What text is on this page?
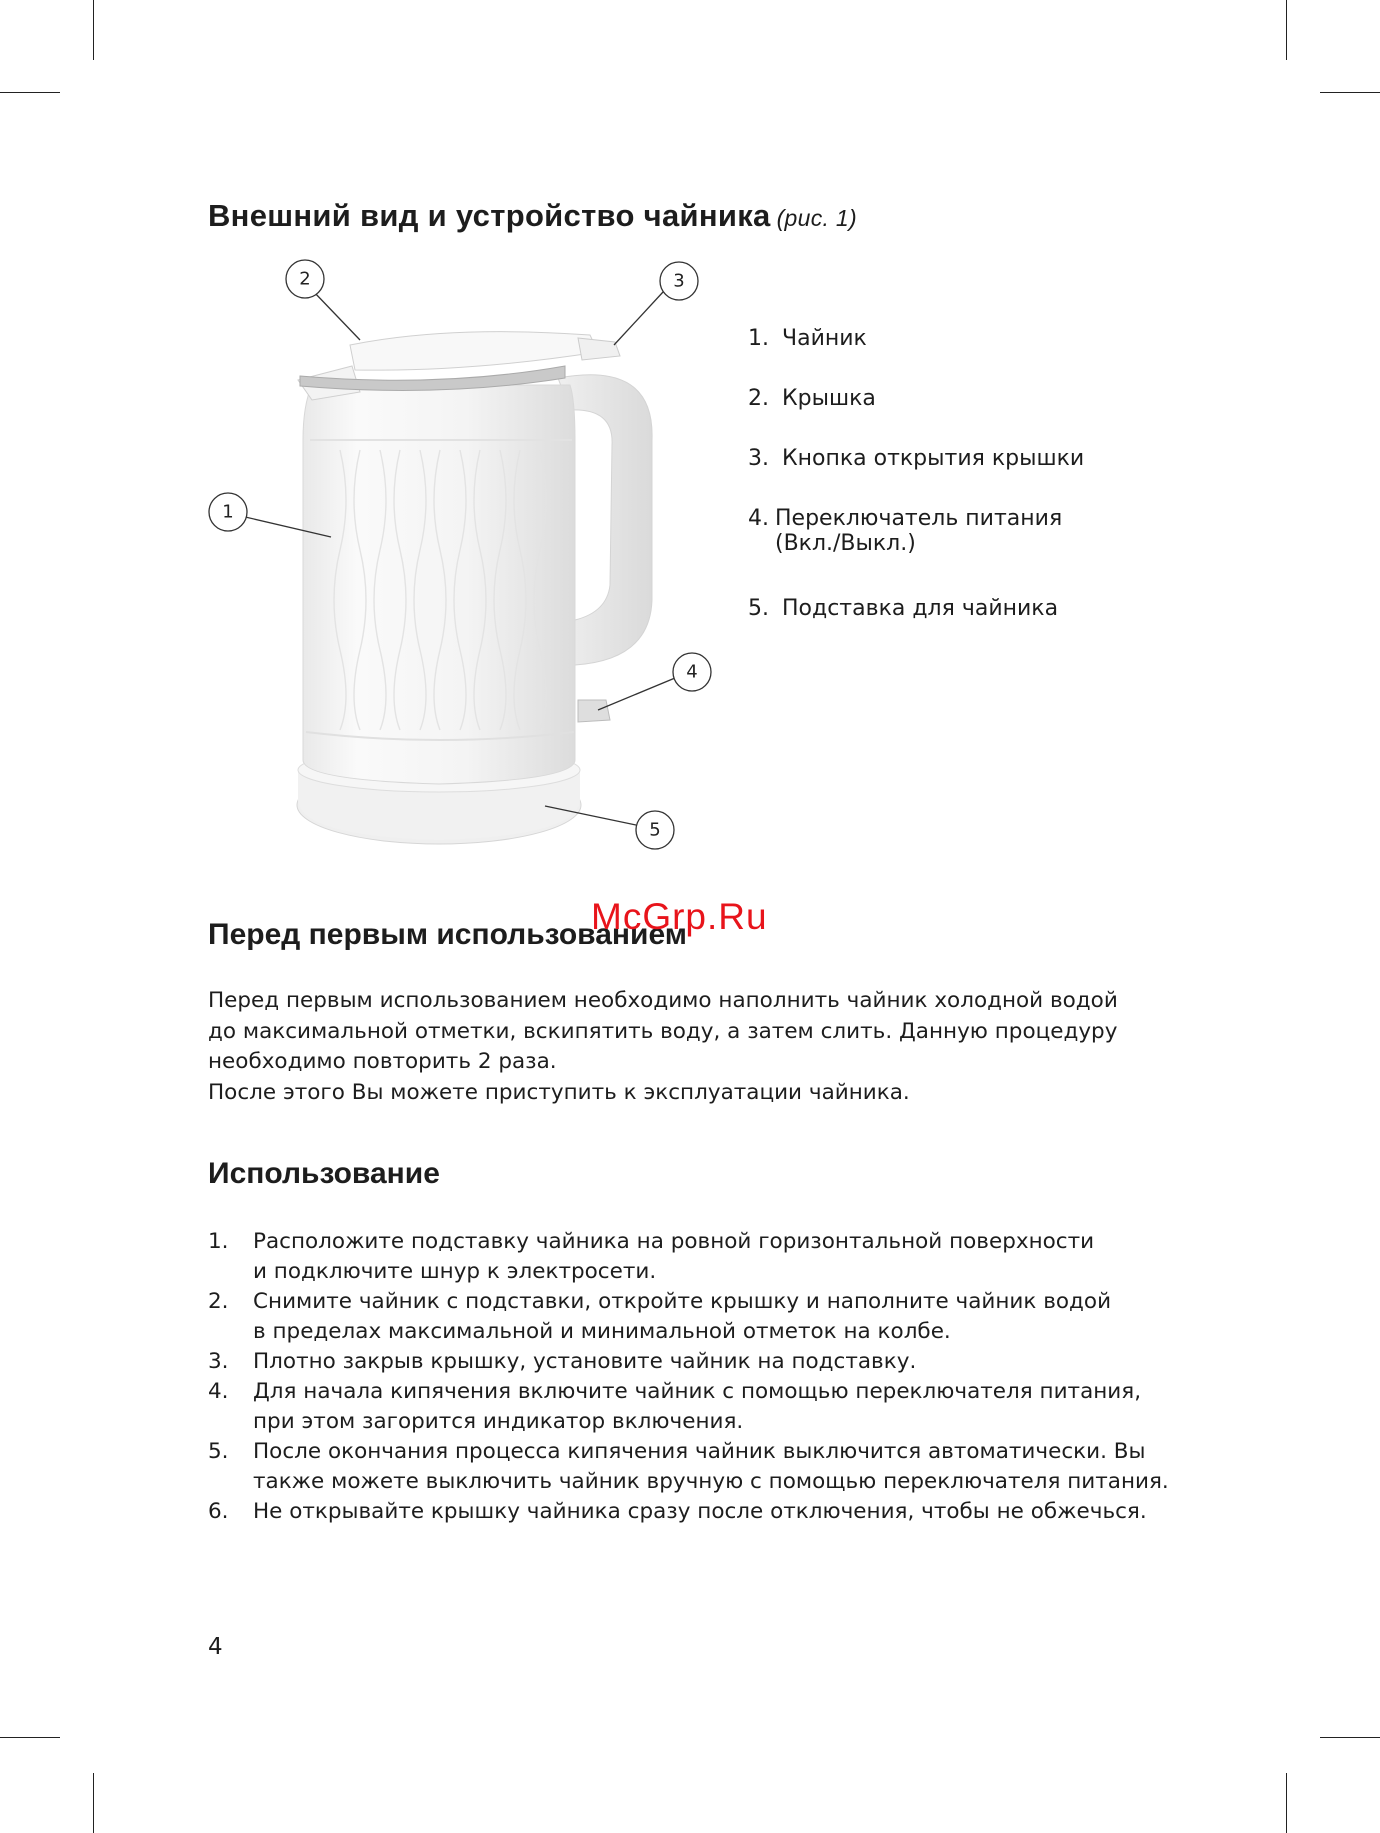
Внешний вид и устройство чайника (рис. 1)
2	3
1
4
5
1. Чайник
2. Крышка
3. Кнопка открытия крышки
4. Переключатель питания
(Вкл./Выкл.)
5. Подставка для чайника
Перед первым использованием
McGrp.Ru

Перед первым использованием необходимо наполнить чайник холодной водой

до максимальной отметки, вскипятить воду, а затем слить. Данную процедуру

необходимо повторить 2 раза.

После этого Вы можете приступить к эксплуатации чайника.

Использование
1. Расположите подставку чайника на ровной горизонтальной поверхности
и подключите шнур к электросети.
2. Снимите чайник с подставки, откройте крышку и наполните чайник водой
в пределах максимальной и минимальной отметок на колбе.
3. Плотно закрыв крышку, установите чайник на подставку.
4. Для начала кипячения включите чайник с помощью переключателя питания,
при этом загорится индикатор включения.
5. После окончания процесса кипячения чайник выключится автоматически. Вы
также можете выключить чайник вручную с помощью переключателя питания.
6. Не открывайте крышку чайника сразу после отключения, чтобы не обжечься.
4
